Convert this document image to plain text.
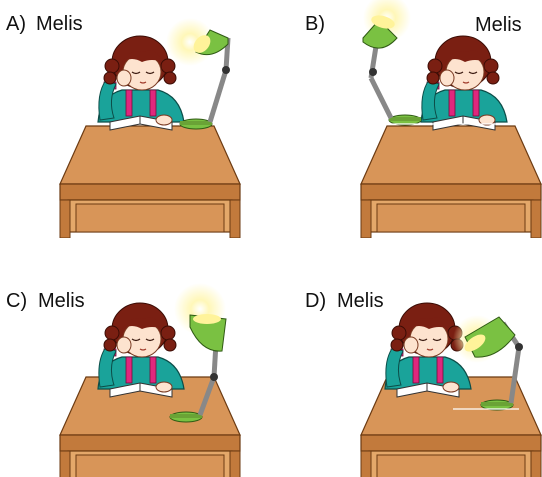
A) Melis	B)	Melis
C) Melis	D) Melis
